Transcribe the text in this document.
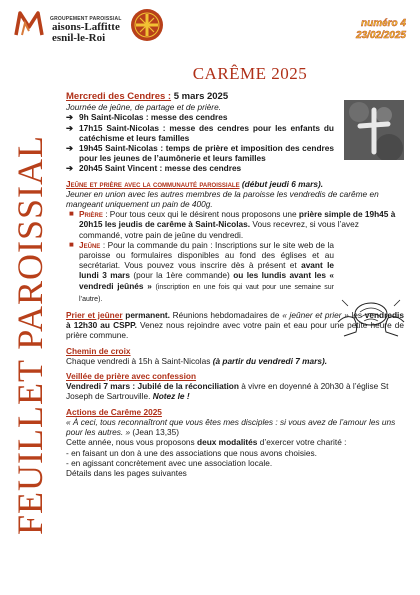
GROUPEMENT PAROISSIAL
aisons-Laffitte
esnil-le-Roi
numéro 4
23/02/2025
FEUILLET PAROISSIAL
CARÊME 2025

Mercredi des Cendres : 5 mars 2025

Journée de jeûne, de partage et de prière.

➔ 9h Saint-Nicolas : messe des cendres
➔ 17h15 Saint-Nicolas : messe des cendres pour les enfants du catéchisme et leurs familles
➔ 19h45 Saint-Nicolas : temps de prière et imposition des cendres pour les jeunes de l’aumônerie et leurs familles
➔ 20h45 Saint Vincent : messe des cendres

Jeûne et prière avec la communauté paroissiale (début jeudi 6 mars).

Jeuner en union avec les autres membres de la paroisse les vendredis de carême en mangeant uniquement un pain de 400g.

■ Prière : Pour tous ceux qui le désirent nous proposons une prière simple de 19h45 à 20h15 les jeudis de carême à Saint-Nicolas. Vous recevrez, si vous l’avez commandé, votre pain de jeûne du vendredi.
■ Jeûne : Pour la commande du pain : Inscriptions sur le site web de la paroisse ou formulaires disponibles au fond des églises et au secrétariat. Vous pouvez vous inscrire dès à présent et avant le lundi 3 mars (pour la 1ère commande) ou les lundis avant les « vendredi jeûnés » (inscription en une fois qui vaut pour une semaine sur l’autre).

Prier et jeûner permanent. Réunions hebdomadaires de « jeûner et prier » les vendredis à 12h30 au CSPP. Venez nous rejoindre avec votre pain et eau pour une petite heure de prière commune.

Chemin de croix

Chaque vendredi à 15h à Saint-Nicolas (à partir du vendredi 7 mars).

Veillée de prière avec confession

Vendredi 7 mars : Jubilé de la réconciliation à vivre en doyenné à 20h30 à l’église St Joseph de Sartrouville. Notez le !

Actions de Carême 2025

« À ceci, tous reconnaîtront que vous êtes mes disciples : si vous avez de l’amour les uns pour les autres. » (Jean 13,35)

Cette année, nous vous proposons deux modalités d’exercer votre charité :

- en faisant un don à une des associations que nous avons choisies.

- en agissant concrètement avec une association locale.

Détails dans les pages suivantes
